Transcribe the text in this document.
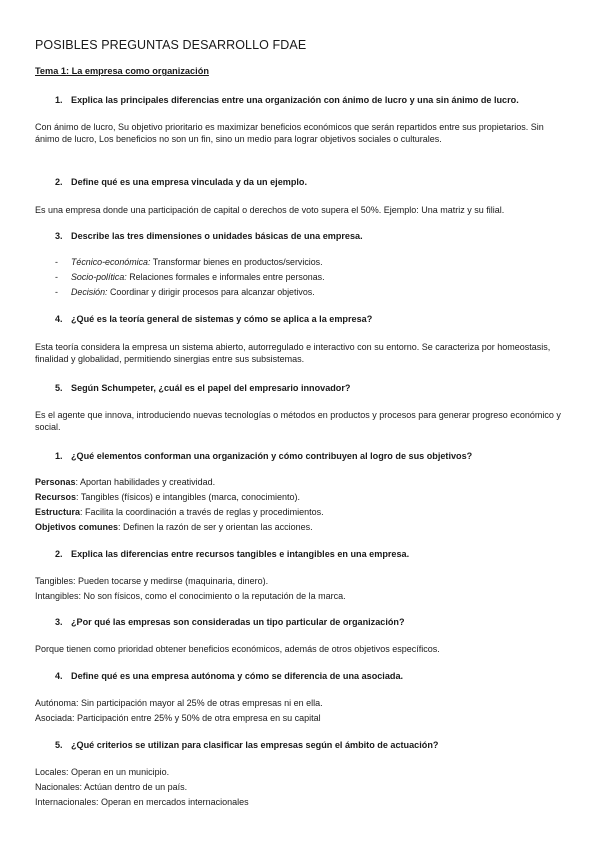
POSIBLES PREGUNTAS DESARROLLO FDAE
Tema 1: La empresa como organización
1. Explica las principales diferencias entre una organización con ánimo de lucro y una sin ánimo de lucro.
Con ánimo de lucro, Su objetivo prioritario es maximizar beneficios económicos que serán repartidos entre sus propietarios. Sin ánimo de lucro, Los beneficios no son un fin, sino un medio para lograr objetivos sociales o culturales.
2. Define qué es una empresa vinculada y da un ejemplo.
Es una empresa donde una participación de capital o derechos de voto supera el 50%. Ejemplo: Una matriz y su filial.
3. Describe las tres dimensiones o unidades básicas de una empresa.
- Técnico-económica: Transformar bienes en productos/servicios.
- Socio-política: Relaciones formales e informales entre personas.
- Decisión: Coordinar y dirigir procesos para alcanzar objetivos.
4. ¿Qué es la teoría general de sistemas y cómo se aplica a la empresa?
Esta teoría considera la empresa un sistema abierto, autorregulado e interactivo con su entorno. Se caracteriza por homeostasis, finalidad y globalidad, permitiendo sinergias entre sus subsistemas.
5. Según Schumpeter, ¿cuál es el papel del empresario innovador?
Es el agente que innova, introduciendo nuevas tecnologías o métodos en productos y procesos para generar progreso económico y social.
1. ¿Qué elementos conforman una organización y cómo contribuyen al logro de sus objetivos?
Personas: Aportan habilidades y creatividad.
Recursos: Tangibles (físicos) e intangibles (marca, conocimiento).
Estructura: Facilita la coordinación a través de reglas y procedimientos.
Objetivos comunes: Definen la razón de ser y orientan las acciones.
2. Explica las diferencias entre recursos tangibles e intangibles en una empresa.
Tangibles: Pueden tocarse y medirse (maquinaria, dinero).
Intangibles: No son físicos, como el conocimiento o la reputación de la marca.
3. ¿Por qué las empresas son consideradas un tipo particular de organización?
Porque tienen como prioridad obtener beneficios económicos, además de otros objetivos específicos.
4. Define qué es una empresa autónoma y cómo se diferencia de una asociada.
Autónoma: Sin participación mayor al 25% de otras empresas ni en ella.
Asociada: Participación entre 25% y 50% de otra empresa en su capital
5. ¿Qué criterios se utilizan para clasificar las empresas según el ámbito de actuación?
Locales: Operan en un municipio.
Nacionales: Actúan dentro de un país.
Internacionales: Operan en mercados internacionales
